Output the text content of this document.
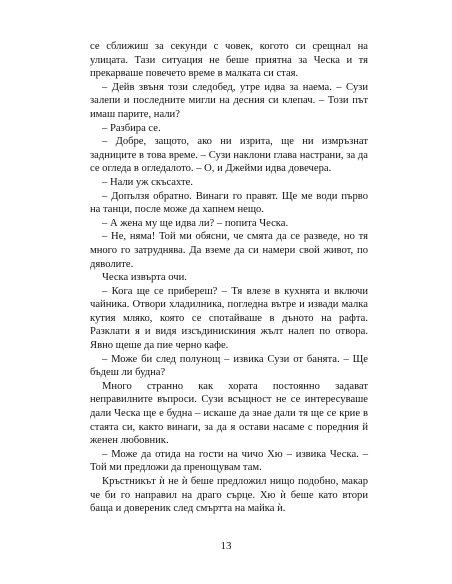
се сближиш за секунди с човек, когото си срещнал на улицата. Тази ситуация не беше приятна за Ческа и тя прекарваше повечето време в малката си стая.

– Дейв звъня този следобед, утре идва за наема. – Сузи залепи и последните мигли на десния си клепач. – Този път имаш парите, нали?

– Разбира се.

– Добре, защото, ако ни изрита, ще ни измръзнат задниците в това време. – Сузи наклони глава настрани, за да се огледа в огледалото. – О, и Джейми идва довечера.

– Нали уж скъсахте.

– Допълзя обратно. Винаги го правят. Ще ме води първо на танци, после може да хапнем нещо.

– А жена му ще идва ли? – попита Ческа.

– Не, няма! Той ми обясни, че смята да се разведе, но тя много го затруднява. Да вземе да си намери свой живот, по дяволите.

Ческа извърта очи.

– Кога ще се прибереш? – Тя влезе в кухнята и включи чайника. Отвори хладилника, погледна вътре и извади малка кутия мляко, която се спотайваше в дъното на рафта. Разклати я и видя изсъдинискиния жълт налеп по отвора. Явно щеше да пие черно кафе.

– Може би след полунощ – извика Сузи от банята. – Ще бъдеш ли будна?

Много странно как хората постоянно задават неправилните въпроси. Сузи всъщност не се интересуваше дали Ческа ще е будна – искаше да знае дали тя ще се крие в стаята си, както винаги, за да я остави насаме с поредния й женен любовник.

– Може да отида на гости на чичо Хю – извика Ческа. – Той ми предложи да пренощувам там.

Кръстникът ѝ не ѝ беше предложил нищо подобно, макар че би го направил на драго сърце. Хю ѝ беше като втори баща и довереник след смъртта на майка ѝ.

13
